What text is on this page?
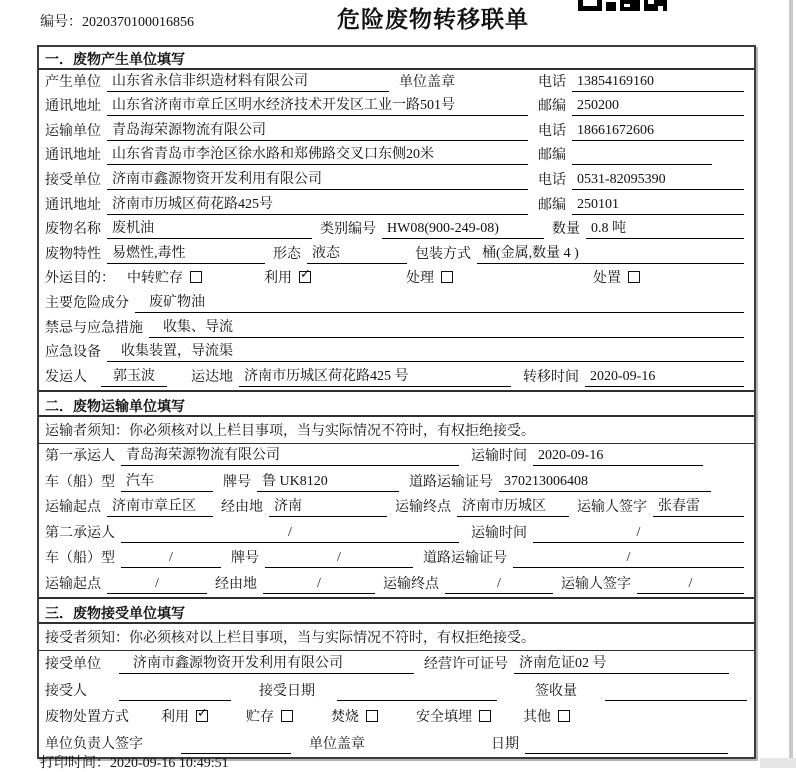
编号：2020370100016856	危险废物转移联单
一．废物产生单位填写
产生单位 山东省永信非织造材料有限公司	单位盖章	电话 13854169160
通讯地址 山东省济南市章丘区明水经济技术开发区工业一路501号	邮编 250200
运输单位 青岛海荣源物流有限公司	电话 18661672606
通讯地址 山东省青岛市李沧区徐水路和郑佛路交叉口东侧20米	邮编
接受单位 济南市鑫源物资开发利用有限公司	电话 0531-82095390
通讯地址 济南市历城区荷花路425号	邮编 250101
废物名称 废机油	类别编号 HW08(900-249-08)	数量 0.8 吨
废物特性 易燃性,毒性	形态 液态	包装方式 桶(金属,数量 4 )
外运目的： 中转贮存	利用 ✓	处理	处置
主要危险成分	废矿物油
禁忌与应急措施	收集、导流
应急设备	收集装置，导流渠
发运人	郭玉波	运达地 济南市历城区荷花路425 号	转移时间 2020-09-16
二．废物运输单位填写
运输者须知： 你必须核对以上栏目事项，当与实际情况不符时，有权拒绝接受。
第一承运人 青岛海荣源物流有限公司	运输时间 2020-09-16
车（船）型 汽车	牌号 鲁 UK8120	道路运输证号 370213006408
运输起点 济南市章丘区	经由地 济南	运输终点 济南市历城区	运输人签字 张春雷
第二承运人	/	运输时间	/
车（船）型	/	牌号	/	道路运输证号	/
运输起点	/	经由地	/	运输终点	/	运输人签字	/
三．废物接受单位填写
接受者须知： 你必须核对以上栏目事项，当与实际情况不符时，有权拒绝接受。
接受单位	济南市鑫源物资开发利用有限公司	经营许可证号 济南危证02 号
接受人	接受日期	签收量
废物处置方式 利用 ✓	贮存	焚烧	安全填埋	其他
单位负责人签字	单位盖章	日期
打印时间：2020-09-16 10:49:51
